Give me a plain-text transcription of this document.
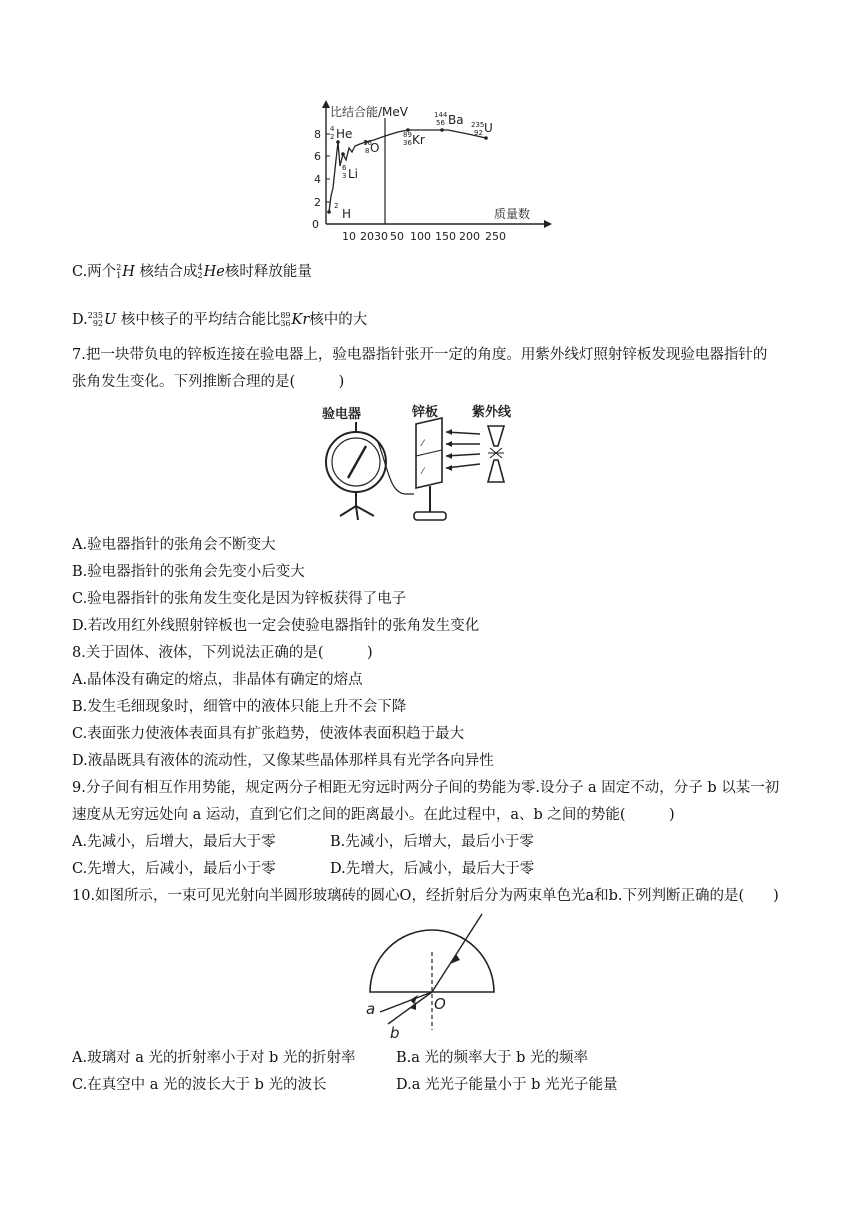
0
2
4
6
8
10 20 30 50 100 150 200 250
比结合能/MeV
质量数
4
2
6
3
16
8
2
89
36
144
56	235
92
He
Li
O
H
Kr
Ba
U
C.两个 2
1 H 核结合成 4
2 He核时释放能量
D. 235
92 U 核中核子的平均结合能比 89
36 Kr核中的大
7.把一块带负电的锌板连接在验电器上，验电器指针张开一定的角度。用紫外线灯照射锌板发现验电器指针的
张角发生变化。下列推断合理的是(　　　)
验电器	锌板	紫外线
⁄
⁄
A.验电器指针的张角会不断变大
B.验电器指针的张角会先变小后变大
C.验电器指针的张角发生变化是因为锌板获得了电子
D.若改用红外线照射锌板也一定会使验电器指针的张角发生变化
8.关于固体、液体，下列说法正确的是(　　　)
A.晶体没有确定的熔点，非晶体有确定的熔点
B.发生毛细现象时，细管中的液体只能上升不会下降
C.表面张力使液体表面具有扩张趋势，使液体表面积趋于最大
D.液晶既具有液体的流动性，又像某些晶体那样具有光学各向异性
9.分子间有相互作用势能，规定两分子相距无穷远时两分子间的势能为零.设分子 a 固定不动，分子 b 以某一初
速度从无穷远处向 a 运动，直到它们之间的距离最小。在此过程中，a、b 之间的势能(　　　)
A.先减小，后增大，最后大于零	B.先减小，后增大，最后小于零
C.先增大，后减小，最后小于零	D.先增大，后减小，最后大于零
10.如图所示，一束可见光射向半圆形玻璃砖的圆心O，经折射后分为两束单色光a和b.下列判断正确的是(　　)
a
b
O
A.玻璃对 a 光的折射率小于对 b 光的折射率	B.a 光的频率大于 b 光的频率
C.在真空中 a 光的波长大于 b 光的波长	D.a 光光子能量小于 b 光光子能量
